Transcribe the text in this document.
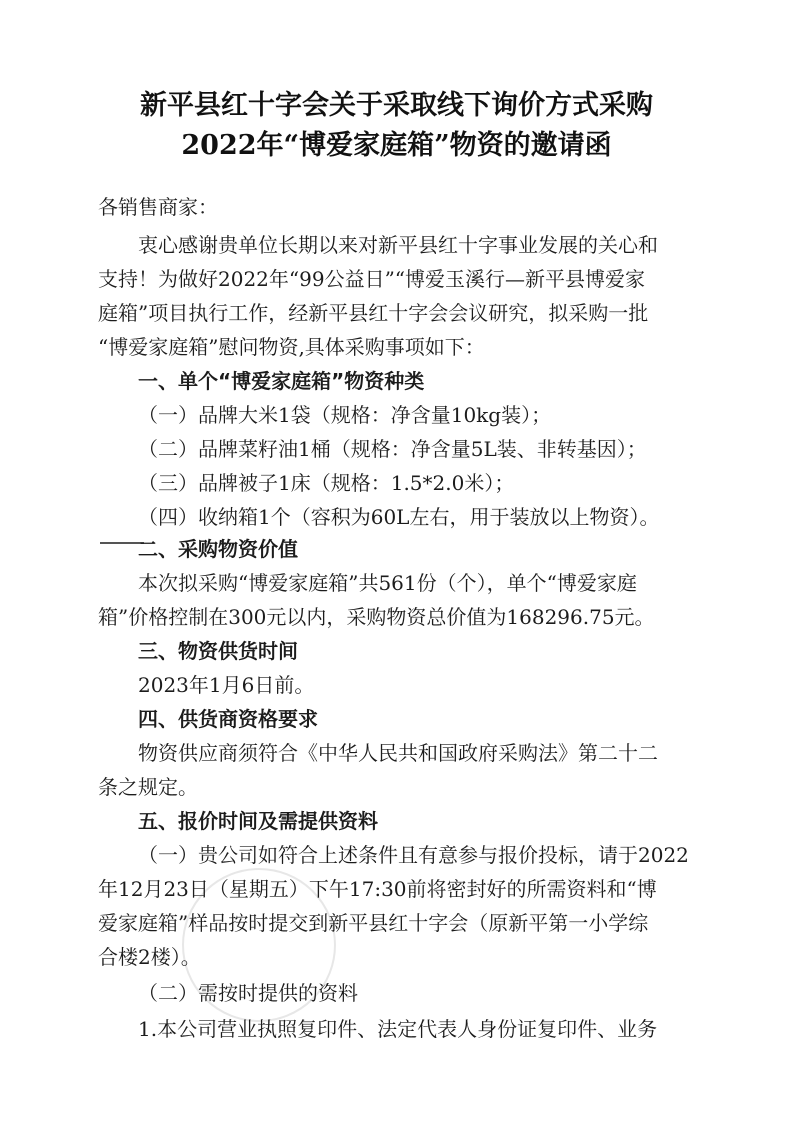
新平县红十字会关于采取线下询价方式采购
2022年“博爱家庭箱”物资的邀请函
各销售商家：
衷心感谢贵单位长期以来对新平县红十字事业发展的关心和
支持！为做好2022年“99公益日”“博爱玉溪行—新平县博爱家
庭箱”项目执行工作，经新平县红十字会会议研究，拟采购一批
“博爱家庭箱”慰问物资,具体采购事项如下：
一、单个“博爱家庭箱”物资种类
（一）品牌大米1袋（规格：净含量10kg装）；
（二）品牌菜籽油1桶（规格：净含量5L装、非转基因）；
（三）品牌被子1床（规格：1.5*2.0米）；
（四）收纳箱1个（容积为60L左右，用于装放以上物资）。
二、采购物资价值
本次拟采购“博爱家庭箱”共561份（个），单个“博爱家庭
箱”价格控制在300元以内，采购物资总价值为168296.75元。
三、物资供货时间
2023年1月6日前。
四、供货商资格要求
物资供应商须符合《中华人民共和国政府采购法》第二十二
条之规定。
五、报价时间及需提供资料
（一）贵公司如符合上述条件且有意参与报价投标，请于2022
年12月23日（星期五）下午17:30前将密封好的所需资料和“博
爱家庭箱”样品按时提交到新平县红十字会（原新平第一小学综
合楼2楼）。
（二）需按时提供的资料
1.本公司营业执照复印件、法定代表人身份证复印件、业务
